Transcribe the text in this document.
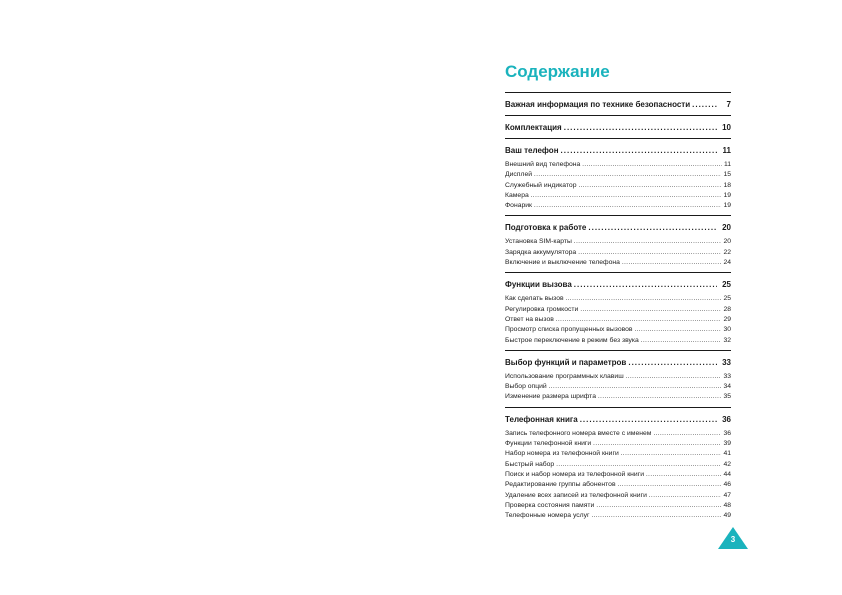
Содержание
Важная информация по технике безопасности .....	7
Комплектация .....	10
Ваш телефон .....	11
Внешний вид телефона .....	11
Дисплей .....	15
Служебный индикатор .....	18
Камера .....	19
Фонарик .....	19
Подготовка к работе .....	20
Установка SIM-карты .....	20
Зарядка аккумулятора .....	22
Включение и выключение телефона .....	24
Функции вызова .....	25
Как сделать вызов .....	25
Регулировка громкости .....	28
Ответ на вызов .....	29
Просмотр списка пропущенных вызовов .....	30
Быстрое переключение в режим без звука .....	32
Выбор функций и параметров .....	33
Использование программных клавиш .....	33
Выбор опций .....	34
Изменение размера шрифта .....	35
Телефонная книга .....	36
Запись телефонного номера вместе с именем .....	36
Функции телефонной книги .....	39
Набор номера из телефонной книги .....	41
Быстрый набор .....	42
Поиск и набор номера из телефонной книги .....	44
Редактирование группы абонентов .....	46
Удаление всех записей из телефонной книги .....	47
Проверка состояния памяти .....	48
Телефонные номера услуг .....	49
3
